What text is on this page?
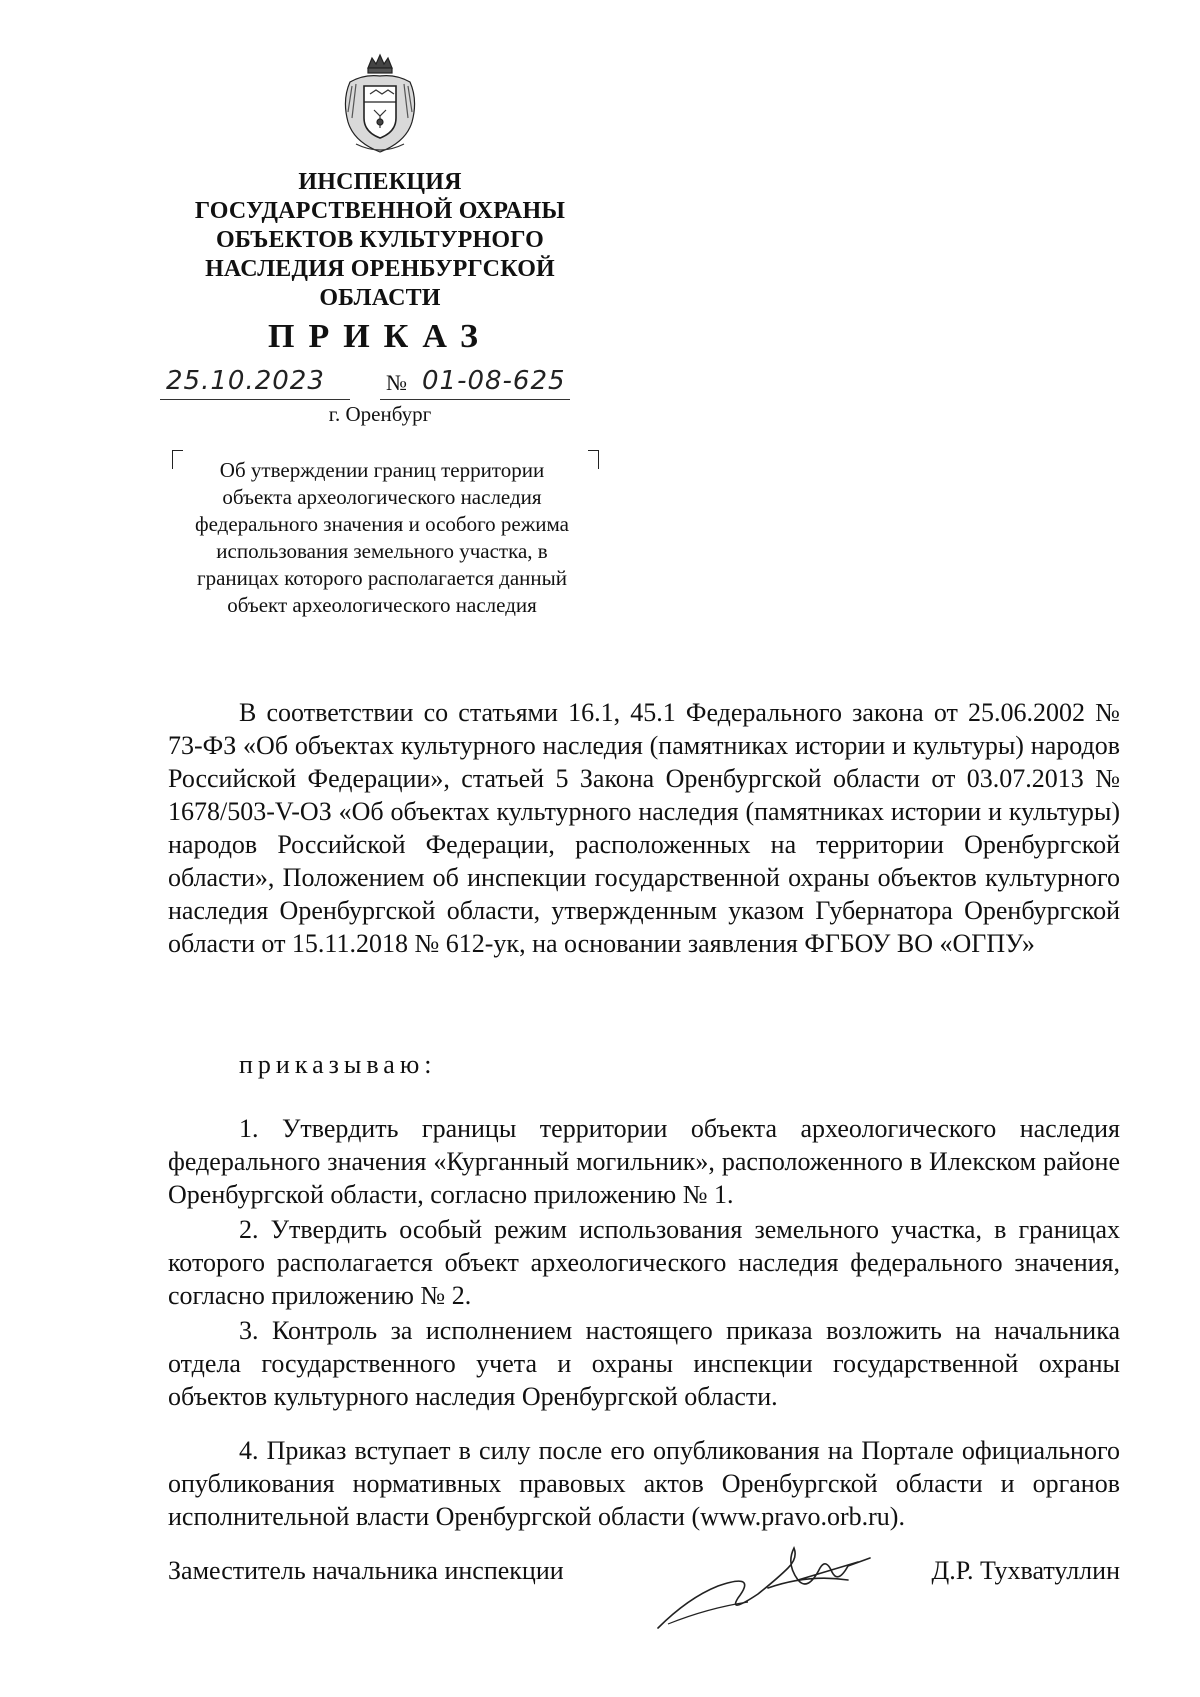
ИНСПЕКЦИЯ
ГОСУДАРСТВЕННОЙ ОХРАНЫ
ОБЪЕКТОВ КУЛЬТУРНОГО
НАСЛЕДИЯ ОРЕНБУРГСКОЙ
ОБЛАСТИ
ПРИКАЗ
25.10.2023	№ 01-08-625
г. Оренбург
Об утверждении границ территории объекта археологического наследия федерального значения и особого режима использования земельного участка, в границах которого располагается данный объект археологического наследия

В соответствии со статьями 16.1, 45.1 Федерального закона от 25.06.2002 № 73-ФЗ «Об объектах культурного наследия (памятниках истории и культуры) народов Российской Федерации», статьей 5 Закона Оренбургской области от 03.07.2013 № 1678/503-V-ОЗ «Об объектах культурного наследия (памятниках истории и культуры) народов Российской Федерации, расположенных на территории Оренбургской области», Положением об инспекции государственной охраны объектов культурного наследия Оренбургской области, утвержденным указом Губернатора Оренбургской области от 15.11.2018 № 612-ук, на основании заявления ФГБОУ ВО «ОГПУ»

приказываю:

1. Утвердить границы территории объекта археологического наследия федерального значения «Курганный могильник», расположенного в Илекском районе Оренбургской области, согласно приложению № 1.

2. Утвердить особый режим использования земельного участка, в границах которого располагается объект археологического наследия федерального значения, согласно приложению № 2.

3. Контроль за исполнением настоящего приказа возложить на начальника отдела государственного учета и охраны инспекции государственной охраны объектов культурного наследия Оренбургской области.

4. Приказ вступает в силу после его опубликования на Портале официального опубликования нормативных правовых актов Оренбургской области и органов исполнительной власти Оренбургской области (www.pravo.orb.ru).

Заместитель начальника инспекции	Д.Р. Тухватуллин
